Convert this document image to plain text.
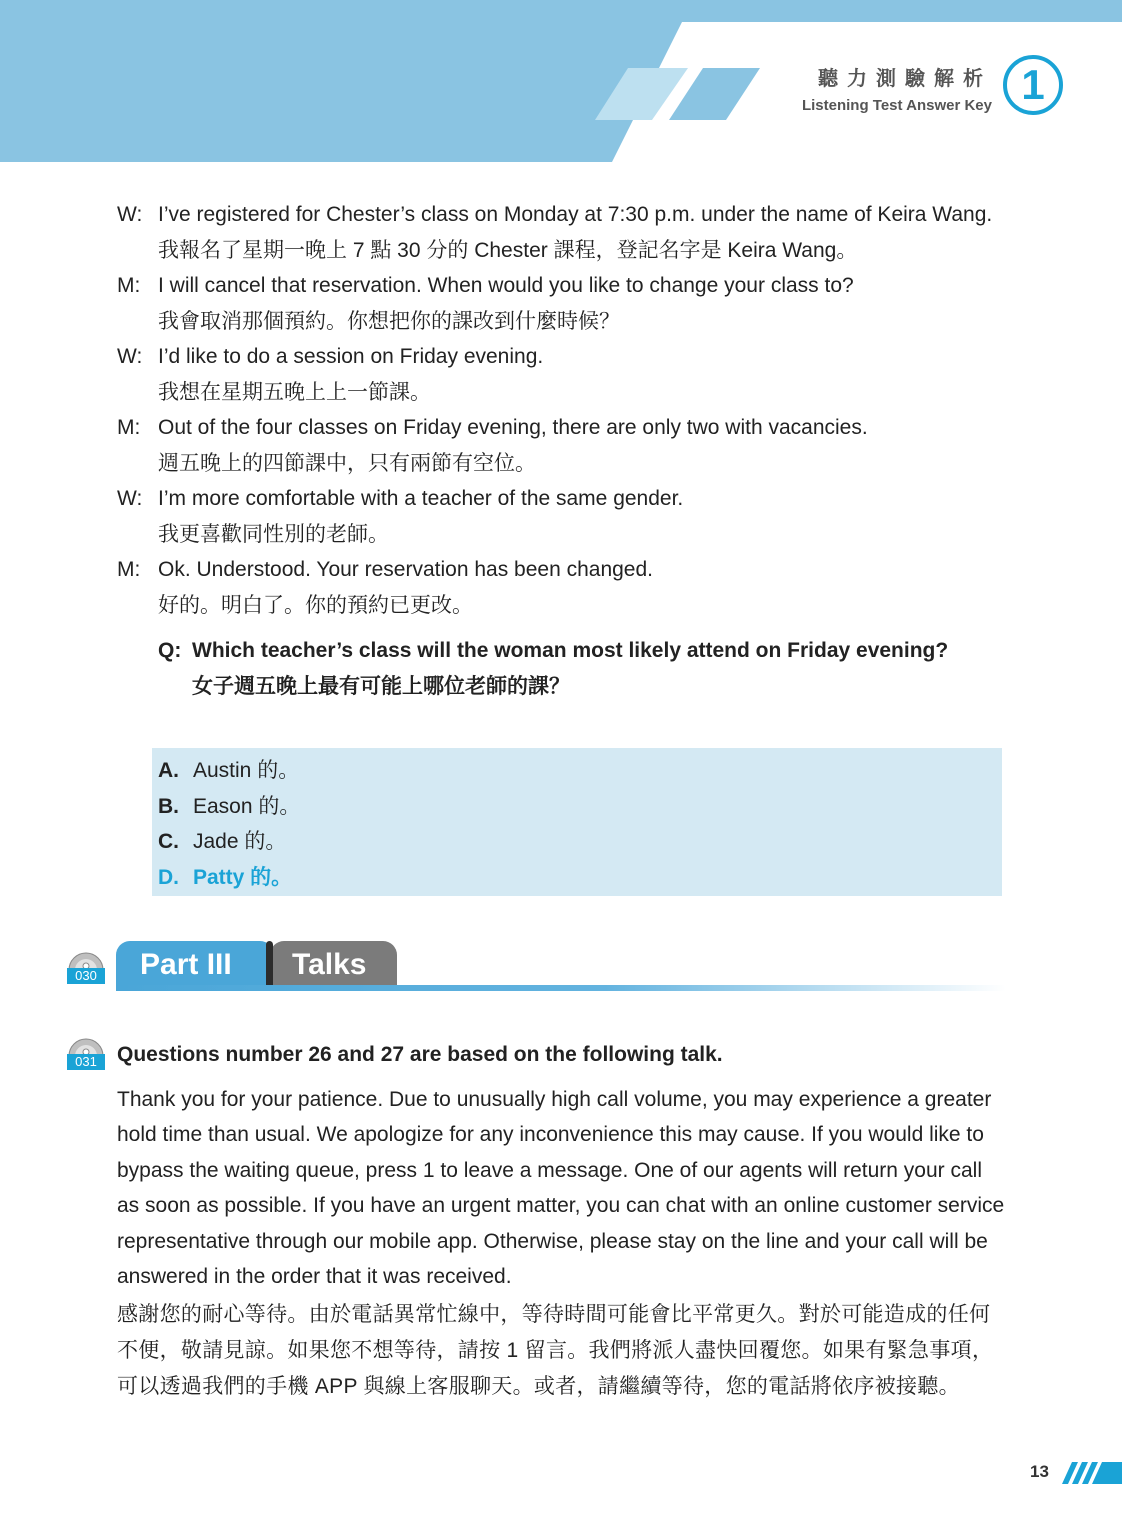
聽力測驗解析
Listening Test Answer Key 1
W: I’ve registered for Chester’s class on Monday at 7:30 p.m. under the name of Keira Wang.
我報名了星期一晚上 7 點 30 分的 Chester 課程，登記名字是 Keira Wang。
M: I will cancel that reservation. When would you like to change your class to?
我會取消那個預約。你想把你的課改到什麼時候？
W: I’d like to do a session on Friday evening.
我想在星期五晚上上一節課。
M: Out of the four classes on Friday evening, there are only two with vacancies.
週五晚上的四節課中，只有兩節有空位。
W: I’m more comfortable with a teacher of the same gender.
我更喜歡同性別的老師。
M: Ok. Understood. Your reservation has been changed.
好的。明白了。你的預約已更改。
Q: Which teacher’s class will the woman most likely attend on Friday evening?
女子週五晚上最有可能上哪位老師的課？
A. Austin 的。
B. Eason 的。
C. Jade 的。
D. Patty 的。
030	Part III	Talks
031 Questions number 26 and 27 are based on the following talk.
Thank you for your patience. Due to unusually high call volume, you may experience a greater hold time than usual. We apologize for any inconvenience this may cause. If you would like to bypass the waiting queue, press 1 to leave a message. One of our agents will return your call as soon as possible. If you have an urgent matter, you can chat with an online customer service representative through our mobile app. Otherwise, please stay on the line and your call will be answered in the order that it was received.
感謝您的耐心等待。由於電話異常忙線中，等待時間可能會比平常更久。對於可能造成的任何不便，敬請見諒。如果您不想等待，請按 1 留言。我們將派人盡快回覆您。如果有緊急事項，可以透過我們的手機 APP 與線上客服聊天。或者，請繼續等待，您的電話將依序被接聽。
13
